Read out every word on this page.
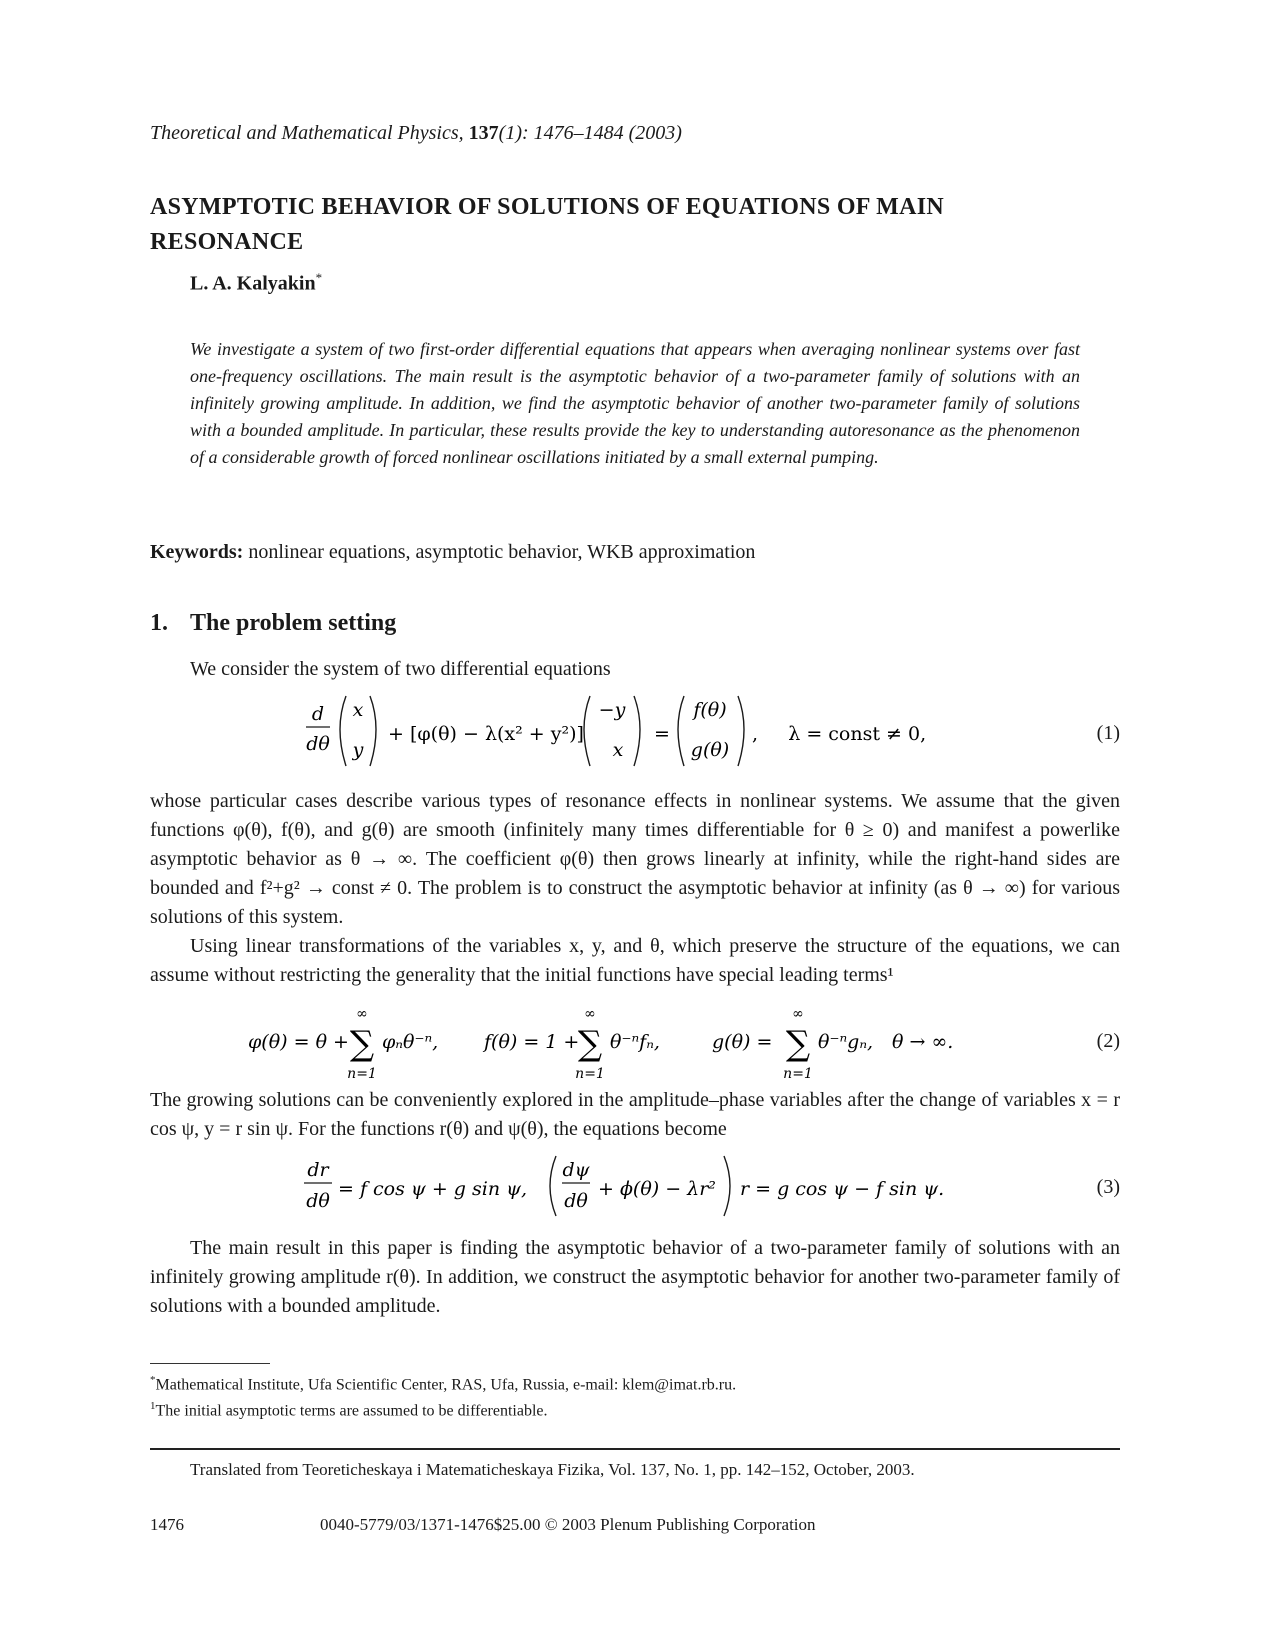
Theoretical and Mathematical Physics, 137(1): 1476–1484 (2003)
ASYMPTOTIC BEHAVIOR OF SOLUTIONS OF EQUATIONS OF MAIN RESONANCE
L. A. Kalyakin*
We investigate a system of two first-order differential equations that appears when averaging nonlinear systems over fast one-frequency oscillations. The main result is the asymptotic behavior of a two-parameter family of solutions with an infinitely growing amplitude. In addition, we find the asymptotic behavior of another two-parameter family of solutions with a bounded amplitude. In particular, these results provide the key to understanding autoresonance as the phenomenon of a considerable growth of forced nonlinear oscillations initiated by a small external pumping.
Keywords: nonlinear equations, asymptotic behavior, WKB approximation
1. The problem setting
We consider the system of two differential equations
d
dθ
x
y
+ [φ(θ) − λ(x² + y²)]
−y
x
=
f(θ)
g(θ)
,     λ = const ≠ 0,	(1)
whose particular cases describe various types of resonance effects in nonlinear systems. We assume that the given functions φ(θ), f(θ), and g(θ) are smooth (infinitely many times differentiable for θ ≥ 0) and manifest a powerlike asymptotic behavior as θ → ∞. The coefficient φ(θ) then grows linearly at infinity, while the right-hand sides are bounded and f²+g² → const ≠ 0. The problem is to construct the asymptotic behavior at infinity (as θ → ∞) for various solutions of this system.
Using linear transformations of the variables x, y, and θ, which preserve the structure of the equations, we can assume without restricting the generality that the initial functions have special leading terms¹
φ(θ) = θ +
∞
∑
n=1
φₙθ⁻ⁿ, f(θ) = 1 +
∞
∑
n=1
θ⁻ⁿfₙ,	g(θ) =
∞
∑
n=1
θ⁻ⁿgₙ, θ → ∞.	(2)
The growing solutions can be conveniently explored in the amplitude–phase variables after the change of variables x = r cos ψ, y = r sin ψ. For the functions r(θ) and ψ(θ), the equations become
dr
dθ
= f cos ψ + g sin ψ,
dψ
dθ
+ ϕ(θ) − λr² r = g cos ψ − f sin ψ.	(3)
The main result in this paper is finding the asymptotic behavior of a two-parameter family of solutions with an infinitely growing amplitude r(θ). In addition, we construct the asymptotic behavior for another two-parameter family of solutions with a bounded amplitude.
*Mathematical Institute, Ufa Scientific Center, RAS, Ufa, Russia, e-mail: klem@imat.rb.ru.
$^1$The initial asymptotic terms are assumed to be differentiable.
Translated from Teoreticheskaya i Matematicheskaya Fizika, Vol. 137, No. 1, pp. 142–152, October, 2003.
1476	0040-5779/03/1371-1476$25.00 © 2003 Plenum Publishing Corporation
